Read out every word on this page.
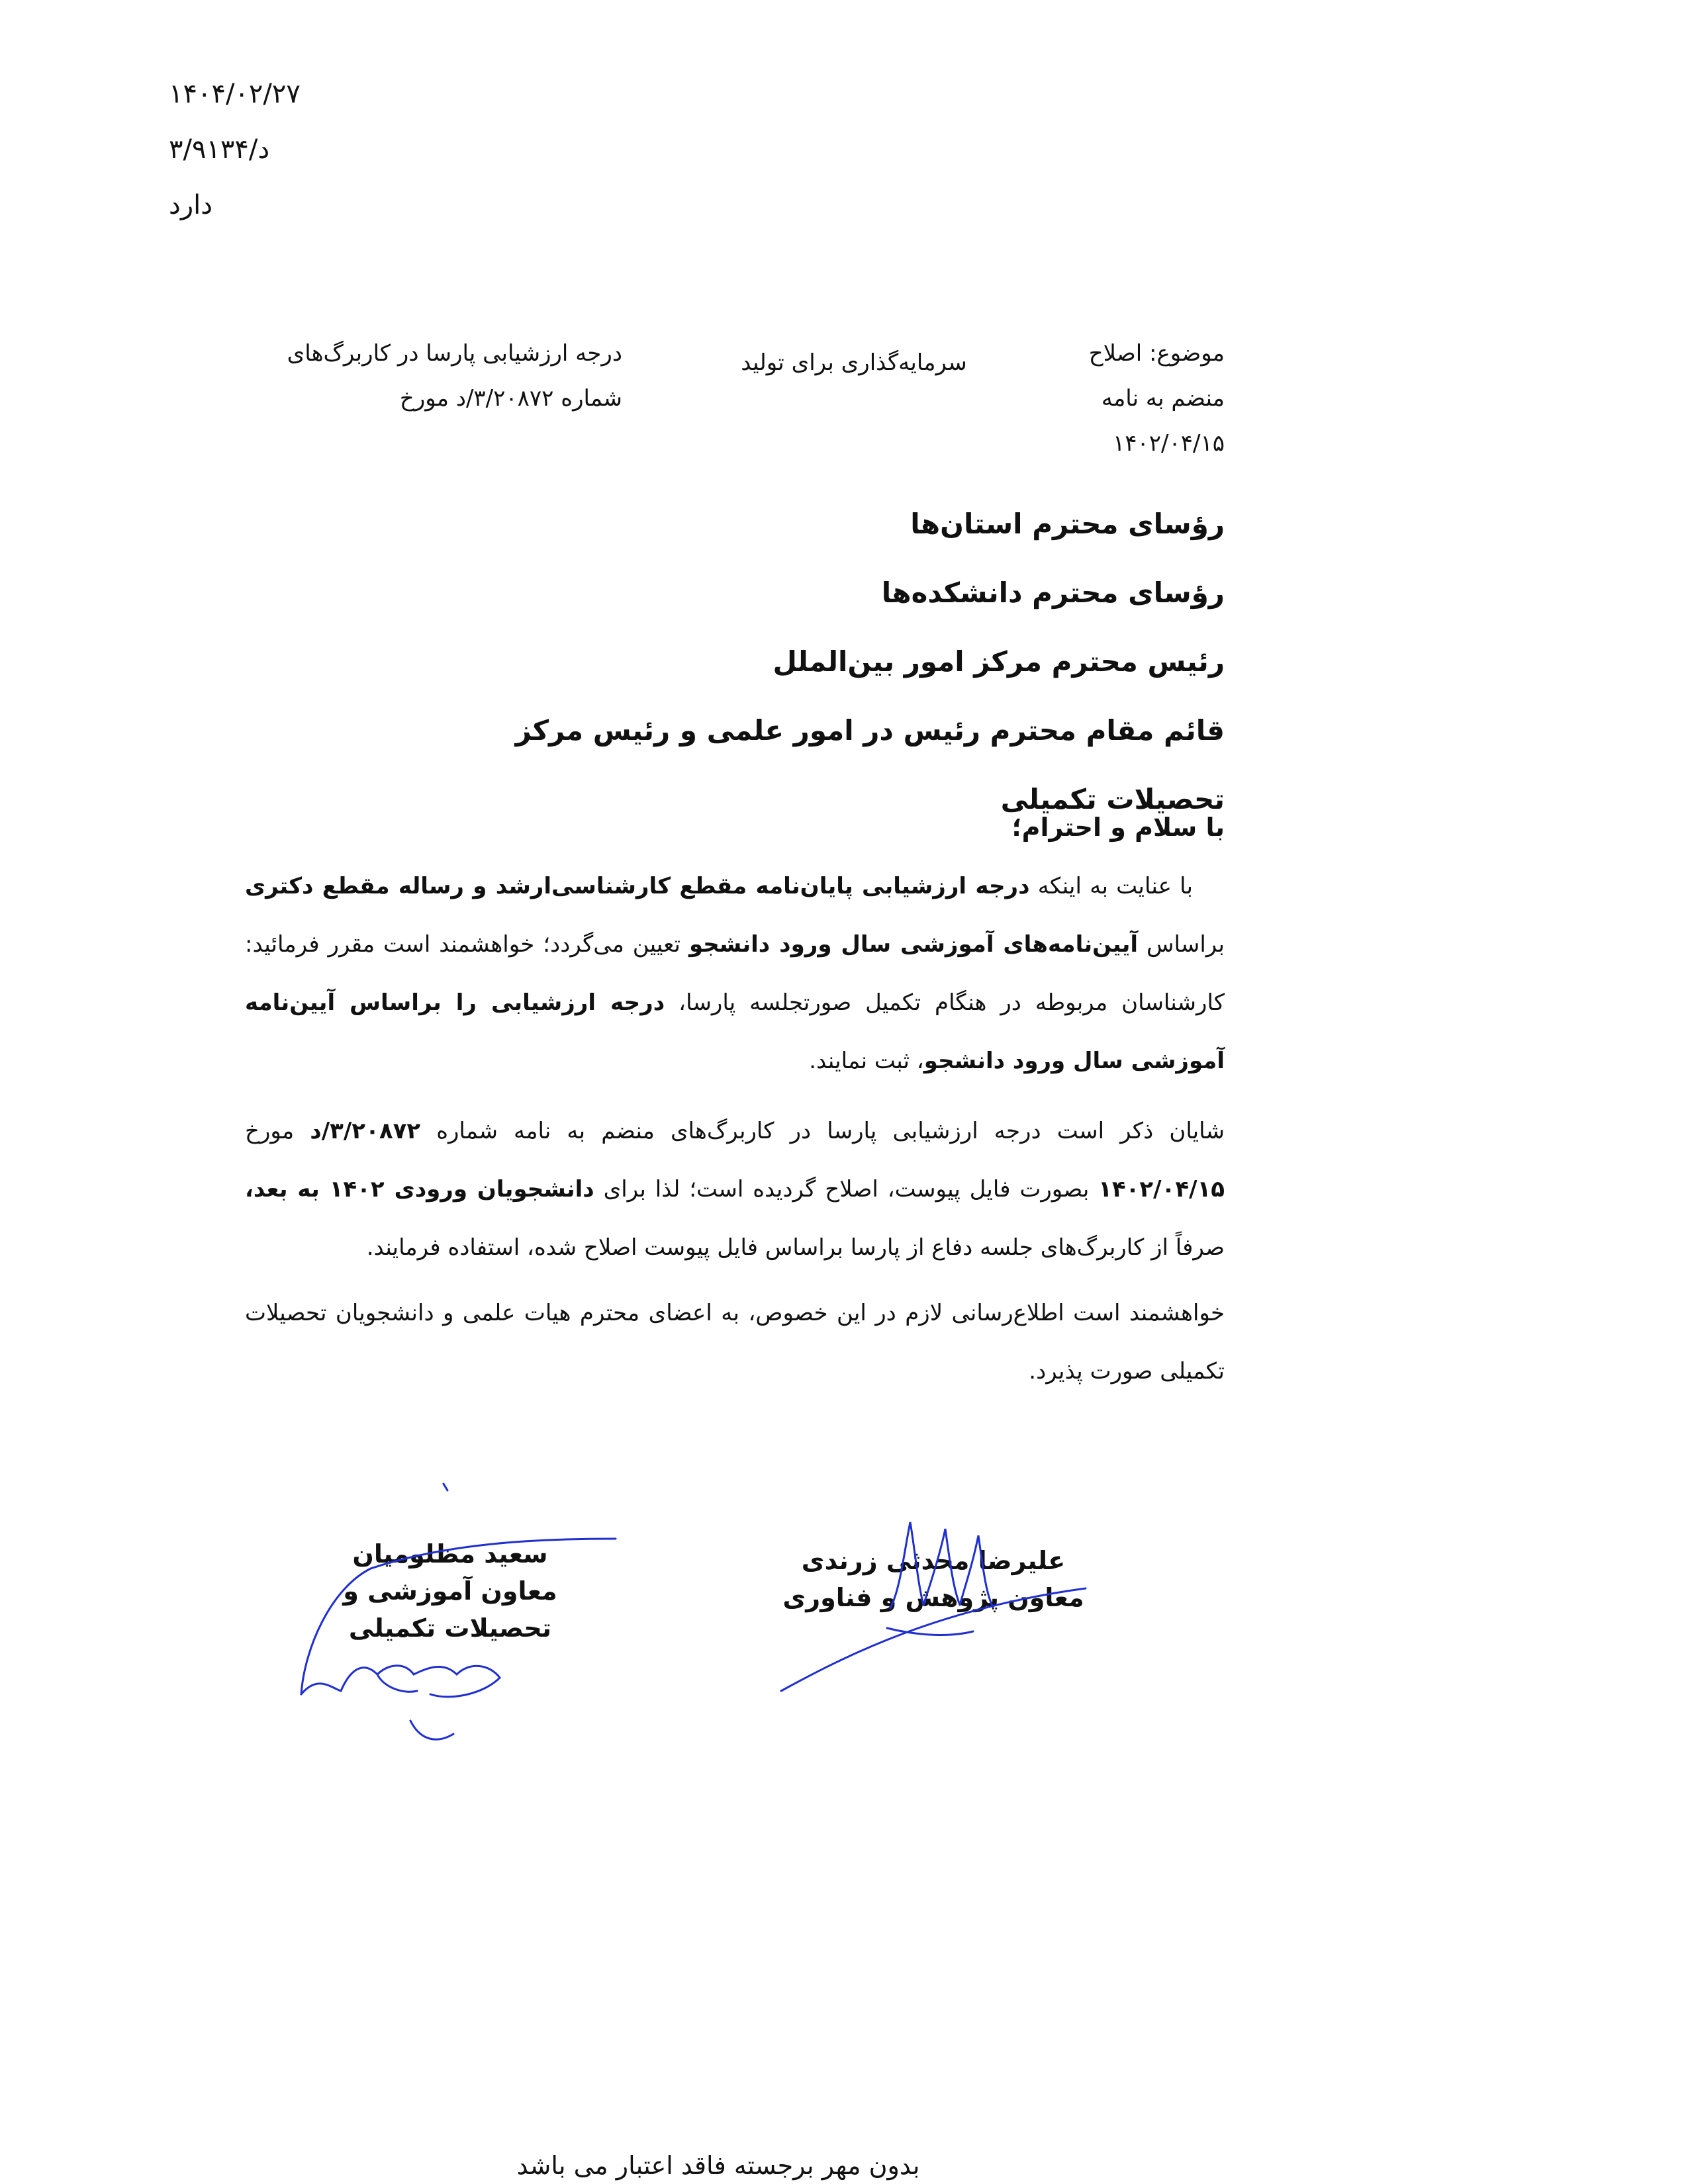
۱۴۰۴/۰۲/۲۷
د/۳/۹۱۳۴
دارد
موضوع: اصلاح
منضم به نامه
۱۴۰۲/۰۴/۱۵
سرمایه‌گذاری برای تولید
درجه ارزشیابی پارسا در کاربرگ‌های
شماره ۳/۲۰۸۷۲/د مورخ
رؤسای محترم استان‌ها
رؤسای محترم دانشکده‌ها
رئیس محترم مرکز امور بین‌الملل
قائم مقام محترم رئیس در امور علمی و رئیس مرکز تحصیلات تکمیلی
با سلام و احترام؛
با عنایت به اینکه درجه ارزشیابی پایان‌نامه مقطع کارشناسی‌ارشد و رساله مقطع دکتری براساس آیین‌نامه‌های آموزشی سال ورود دانشجو تعیین می‌گردد؛ خواهشمند است مقرر فرمائید: کارشناسان مربوطه در هنگام تکمیل صورتجلسه پارسا، درجه ارزشیابی را براساس آیین‌نامه آموزشی سال ورود دانشجو، ثبت نمایند.
شایان ذکر است درجه ارزشیابی پارسا در کاربرگ‌های منضم به نامه شماره ۳/۲۰۸۷۲/د مورخ ۱۴۰۲/۰۴/۱۵ بصورت فایل پیوست، اصلاح گردیده است؛ لذا برای دانشجویان ورودی ۱۴۰۲ به بعد، صرفاً از کاربرگ‌های جلسه دفاع از پارسا براساس فایل پیوست اصلاح شده، استفاده فرمایند.
خواهشمند است اطلاع‌رسانی لازم در این خصوص، به اعضای محترم هیات علمی و دانشجویان تحصیلات تکمیلی صورت پذیرد.
علیرضا محدثی زرندی
معاون پژوهش و فناوری
سعید مظلومیان
معاون آموزشی و تحصیلات تکمیلی
بدون مهر برجسته فاقد اعتبار می باشد
